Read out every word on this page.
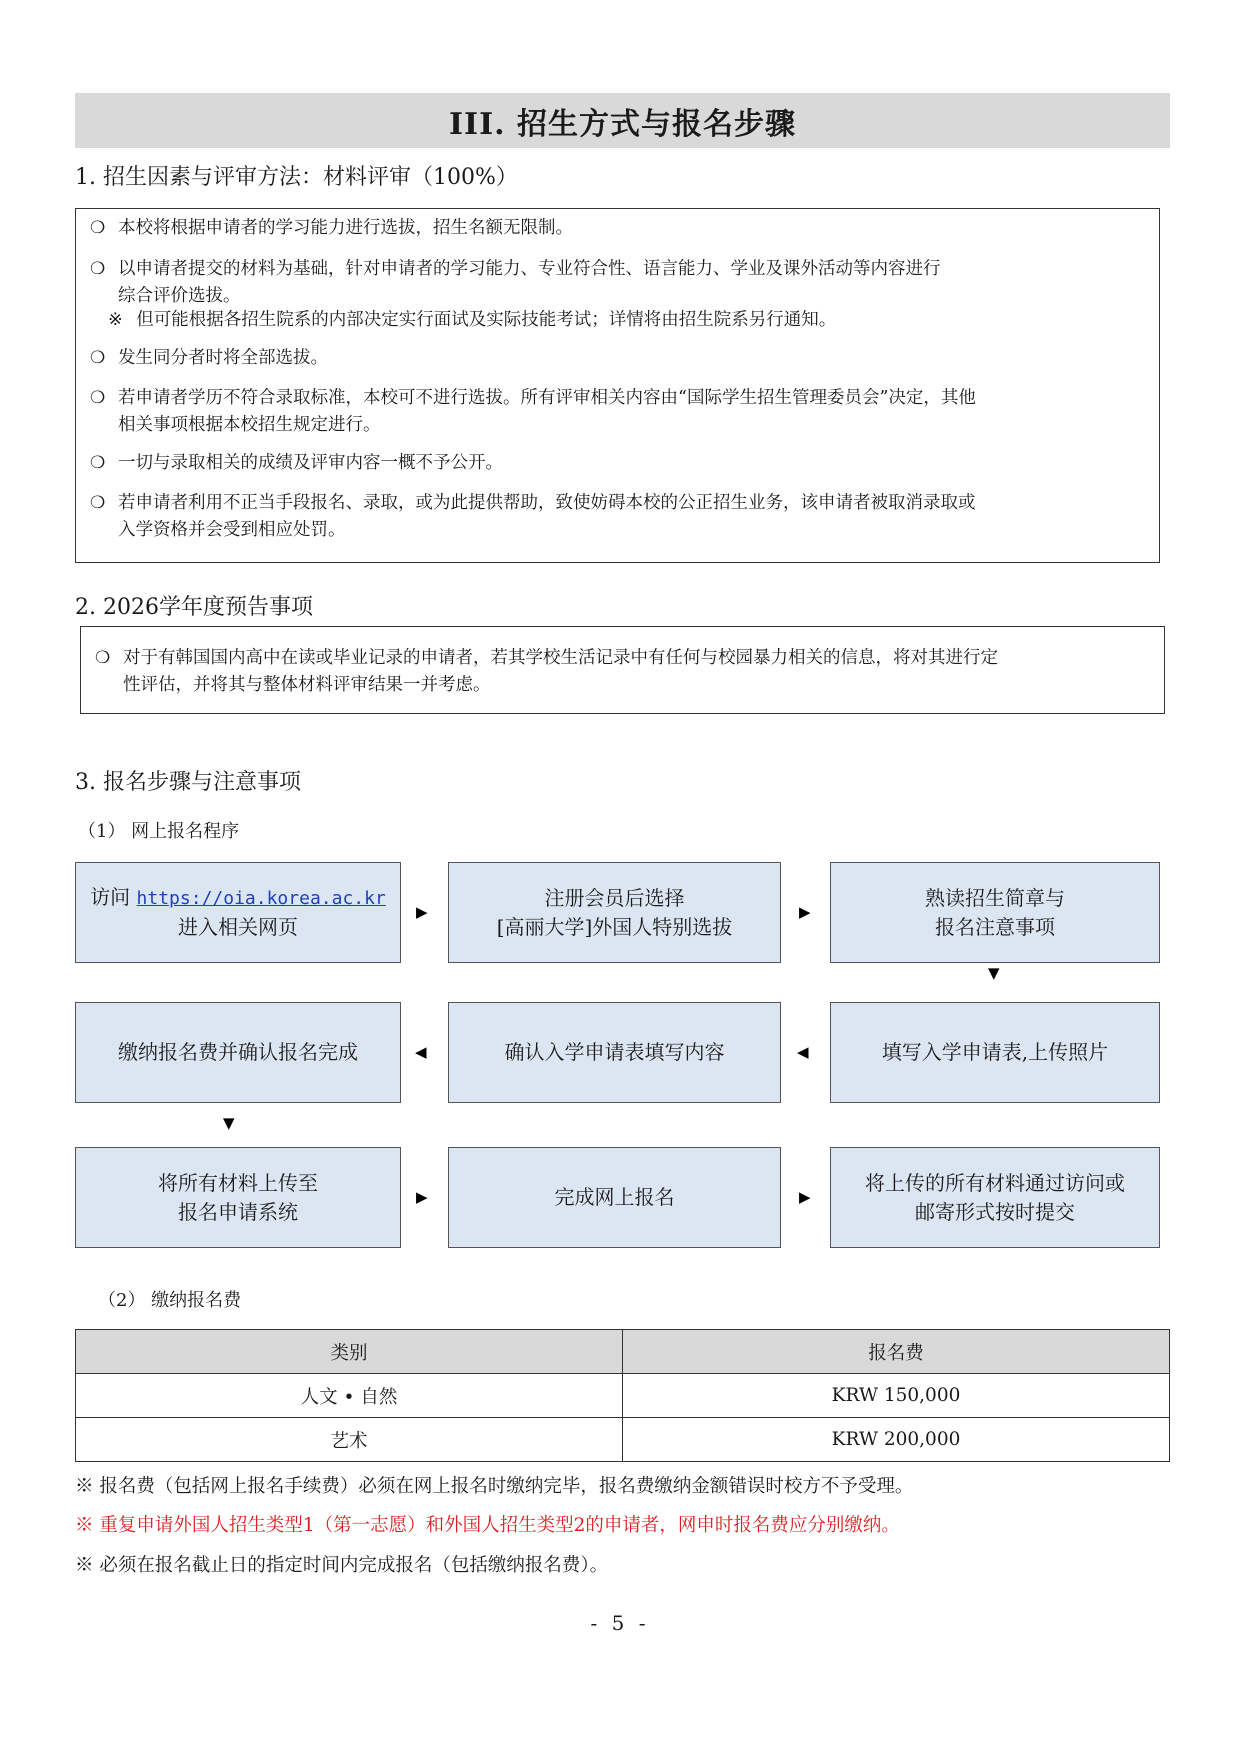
III. 招生方式与报名步骤
1. 招生因素与评审方法：材料评审（100%）
❍ 本校将根据申请者的学习能力进行选拔，招生名额无限制。
❍ 以申请者提交的材料为基础，针对申请者的学习能力、专业符合性、语言能力、学业及课外活动等内容进行
综合评价选拔。
※ 但可能根据各招生院系的内部决定实行面试及实际技能考试；详情将由招生院系另行通知。
❍ 发生同分者时将全部选拔。
❍ 若申请者学历不符合录取标准，本校可不进行选拔。所有评审相关内容由“国际学生招生管理委员会”决定，其他
相关事项根据本校招生规定进行。
❍ 一切与录取相关的成绩及评审内容一概不予公开。
❍ 若申请者利用不正当手段报名、录取，或为此提供帮助，致使妨碍本校的公正招生业务，该申请者被取消录取或
入学资格并会受到相应处罚。
2. 2026学年度预告事项
❍ 对于有韩国国内高中在读或毕业记录的申请者，若其学校生活记录中有任何与校园暴力相关的信息，将对其进行定
性评估，并将其与整体材料评审结果一并考虑。
3. 报名步骤与注意事项
（1） 网上报名程序
访问 https://oia.korea.ac.kr
进入相关网页
▶
注册会员后选择
[高丽大学]外国人特别选拔
▶
熟读招生简章与
报名注意事项
▼
缴纳报名费并确认报名完成	◀	确认入学申请表填写内容	◀	填写入学申请表,上传照片
▼
将所有材料上传至
报名申请系统
▶	完成网上报名	▶
将上传的所有材料通过访问或
邮寄形式按时提交
（2） 缴纳报名费
类别	报名费
人文 • 自然	KRW 150,000
艺术	KRW 200,000
※ 报名费（包括网上报名手续费）必须在网上报名时缴纳完毕，报名费缴纳金额错误时校方不予受理。
※ 重复申请外国人招生类型1（第一志愿）和外国人招生类型2的申请者，网申时报名费应分别缴纳。
※ 必须在报名截止日的指定时间内完成报名（包括缴纳报名费）。
- 5 -
